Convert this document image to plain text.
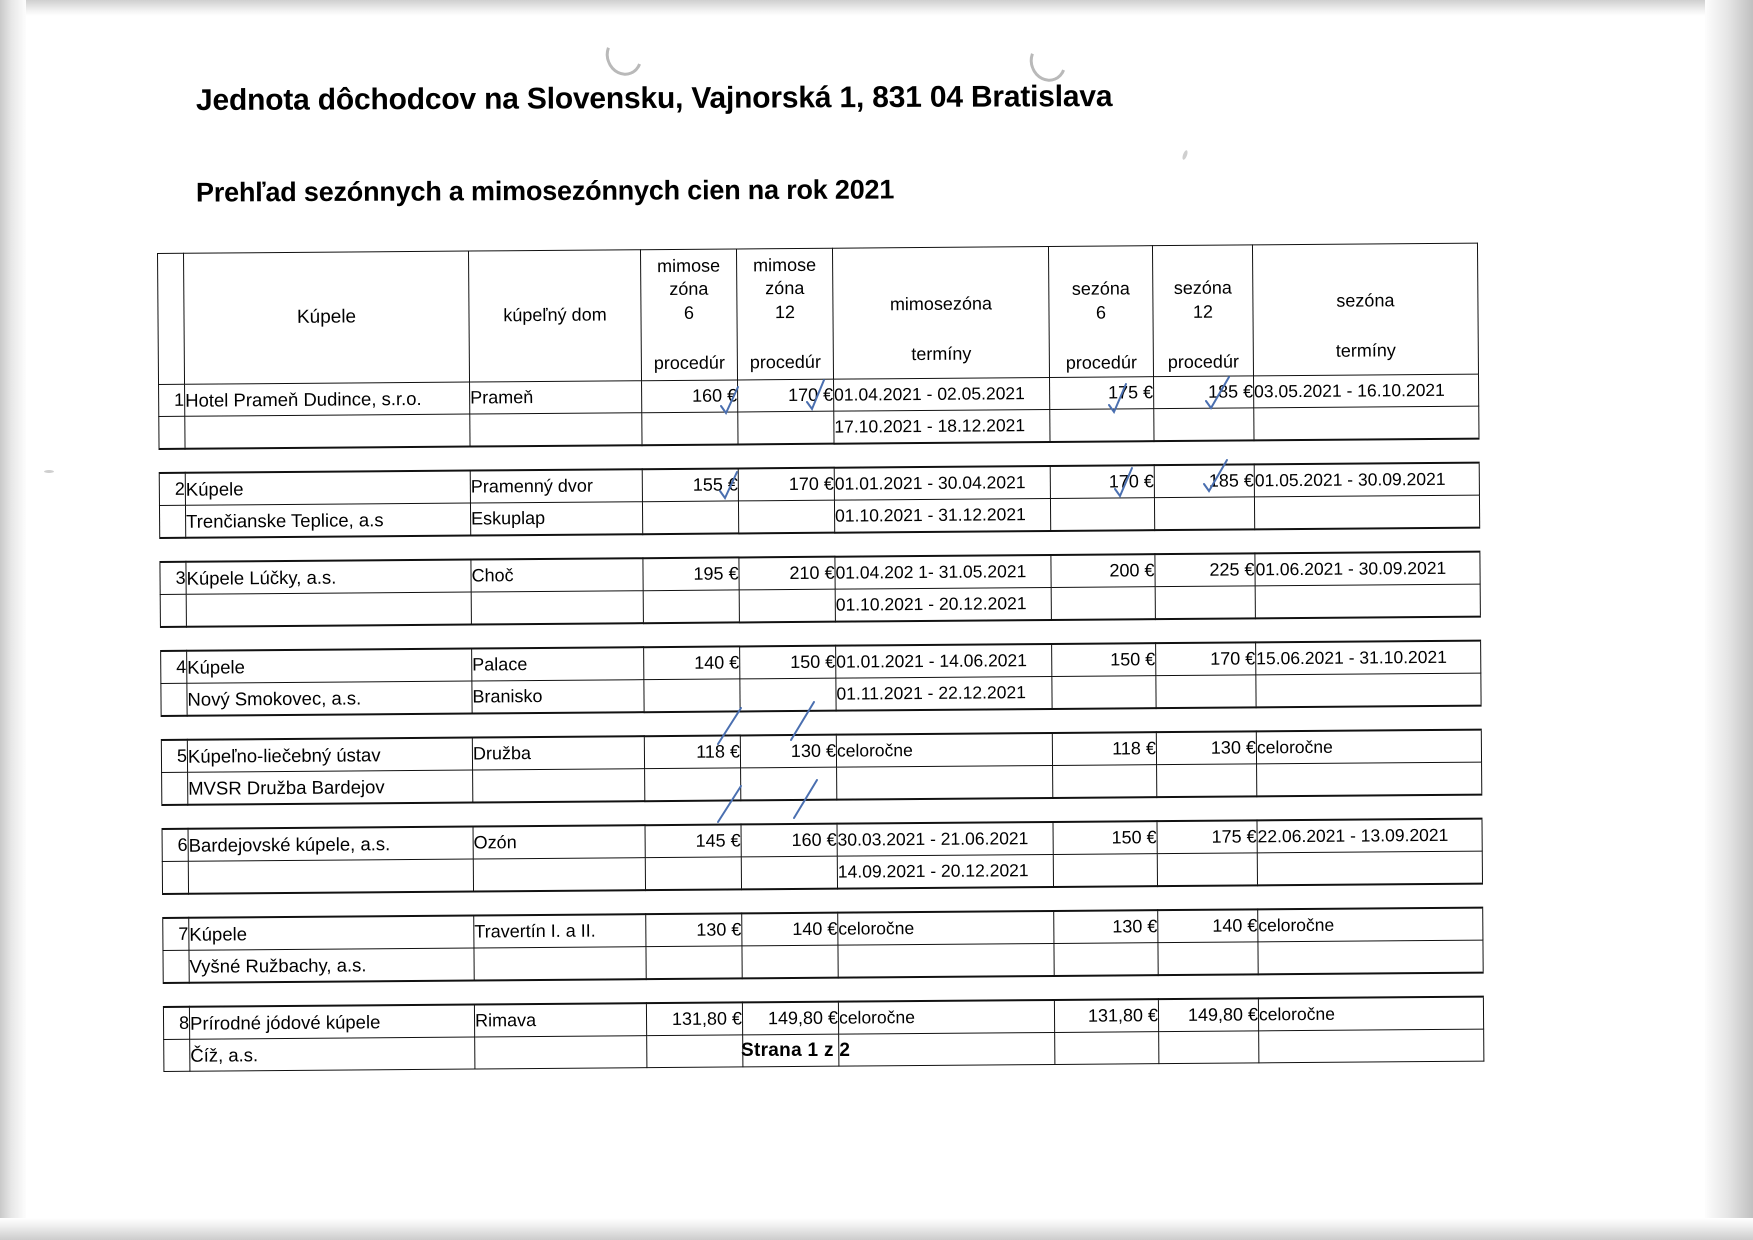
Jednota dôchodcov na Slovensku, Vajnorská 1, 831 04 Bratislava
Prehľad sezónnych a mimosezónnych cien na rok 2021
	Kúpele	kúpeľný dom	mimose
zóna
6
procedúr	mimose
zóna
12
procedúr	mimosezóna
termíny	sezóna
6
procedúr	sezóna
12
procedúr	sezóna
termíny

1	Hotel Prameň Dudince, s.r.o.	Prameň	160 €	170 €	01.04.2021 - 02.05.2021	175 €	185 €	03.05.2021 - 16.10.2021
					17.10.2021 - 18.12.2021			

2	Kúpele	Pramenný dvor	155 €	170 €	01.01.2021 - 30.04.2021	170 €	185 €	01.05.2021 - 30.09.2021
	Trenčianske Teplice, a.s	Eskuplap			01.10.2021 - 31.12.2021			

3	Kúpele Lúčky, a.s.	Choč	195 €	210 €	01.04.202 1- 31.05.2021	200 €	225 €	01.06.2021 - 30.09.2021
					01.10.2021 - 20.12.2021			

4	Kúpele	Palace	140 €	150 €	01.01.2021 - 14.06.2021	150 €	170 €	15.06.2021 - 31.10.2021
	Nový Smokovec, a.s.	Branisko			01.11.2021 - 22.12.2021			

5	Kúpeľno-liečebný ústav	Družba	118 €	130 €	celoročne	118 €	130 €	celoročne
	MVSR Družba Bardejov							

6	Bardejovské kúpele, a.s.	Ozón	145 €	160 €	30.03.2021 - 21.06.2021	150 €	175 €	22.06.2021 - 13.09.2021
					14.09.2021 - 20.12.2021			

7	Kúpele	Travertín I. a II.	130 €	140 €	celoročne	130 €	140 €	celoročne
	Vyšné Ružbachy, a.s.							

8	Prírodné jódové kúpele	Rimava	131,80 €	149,80 €	celoročne	131,80 €	149,80 €	celoročne
	Číž, a.s.								Strana 1 z 2
